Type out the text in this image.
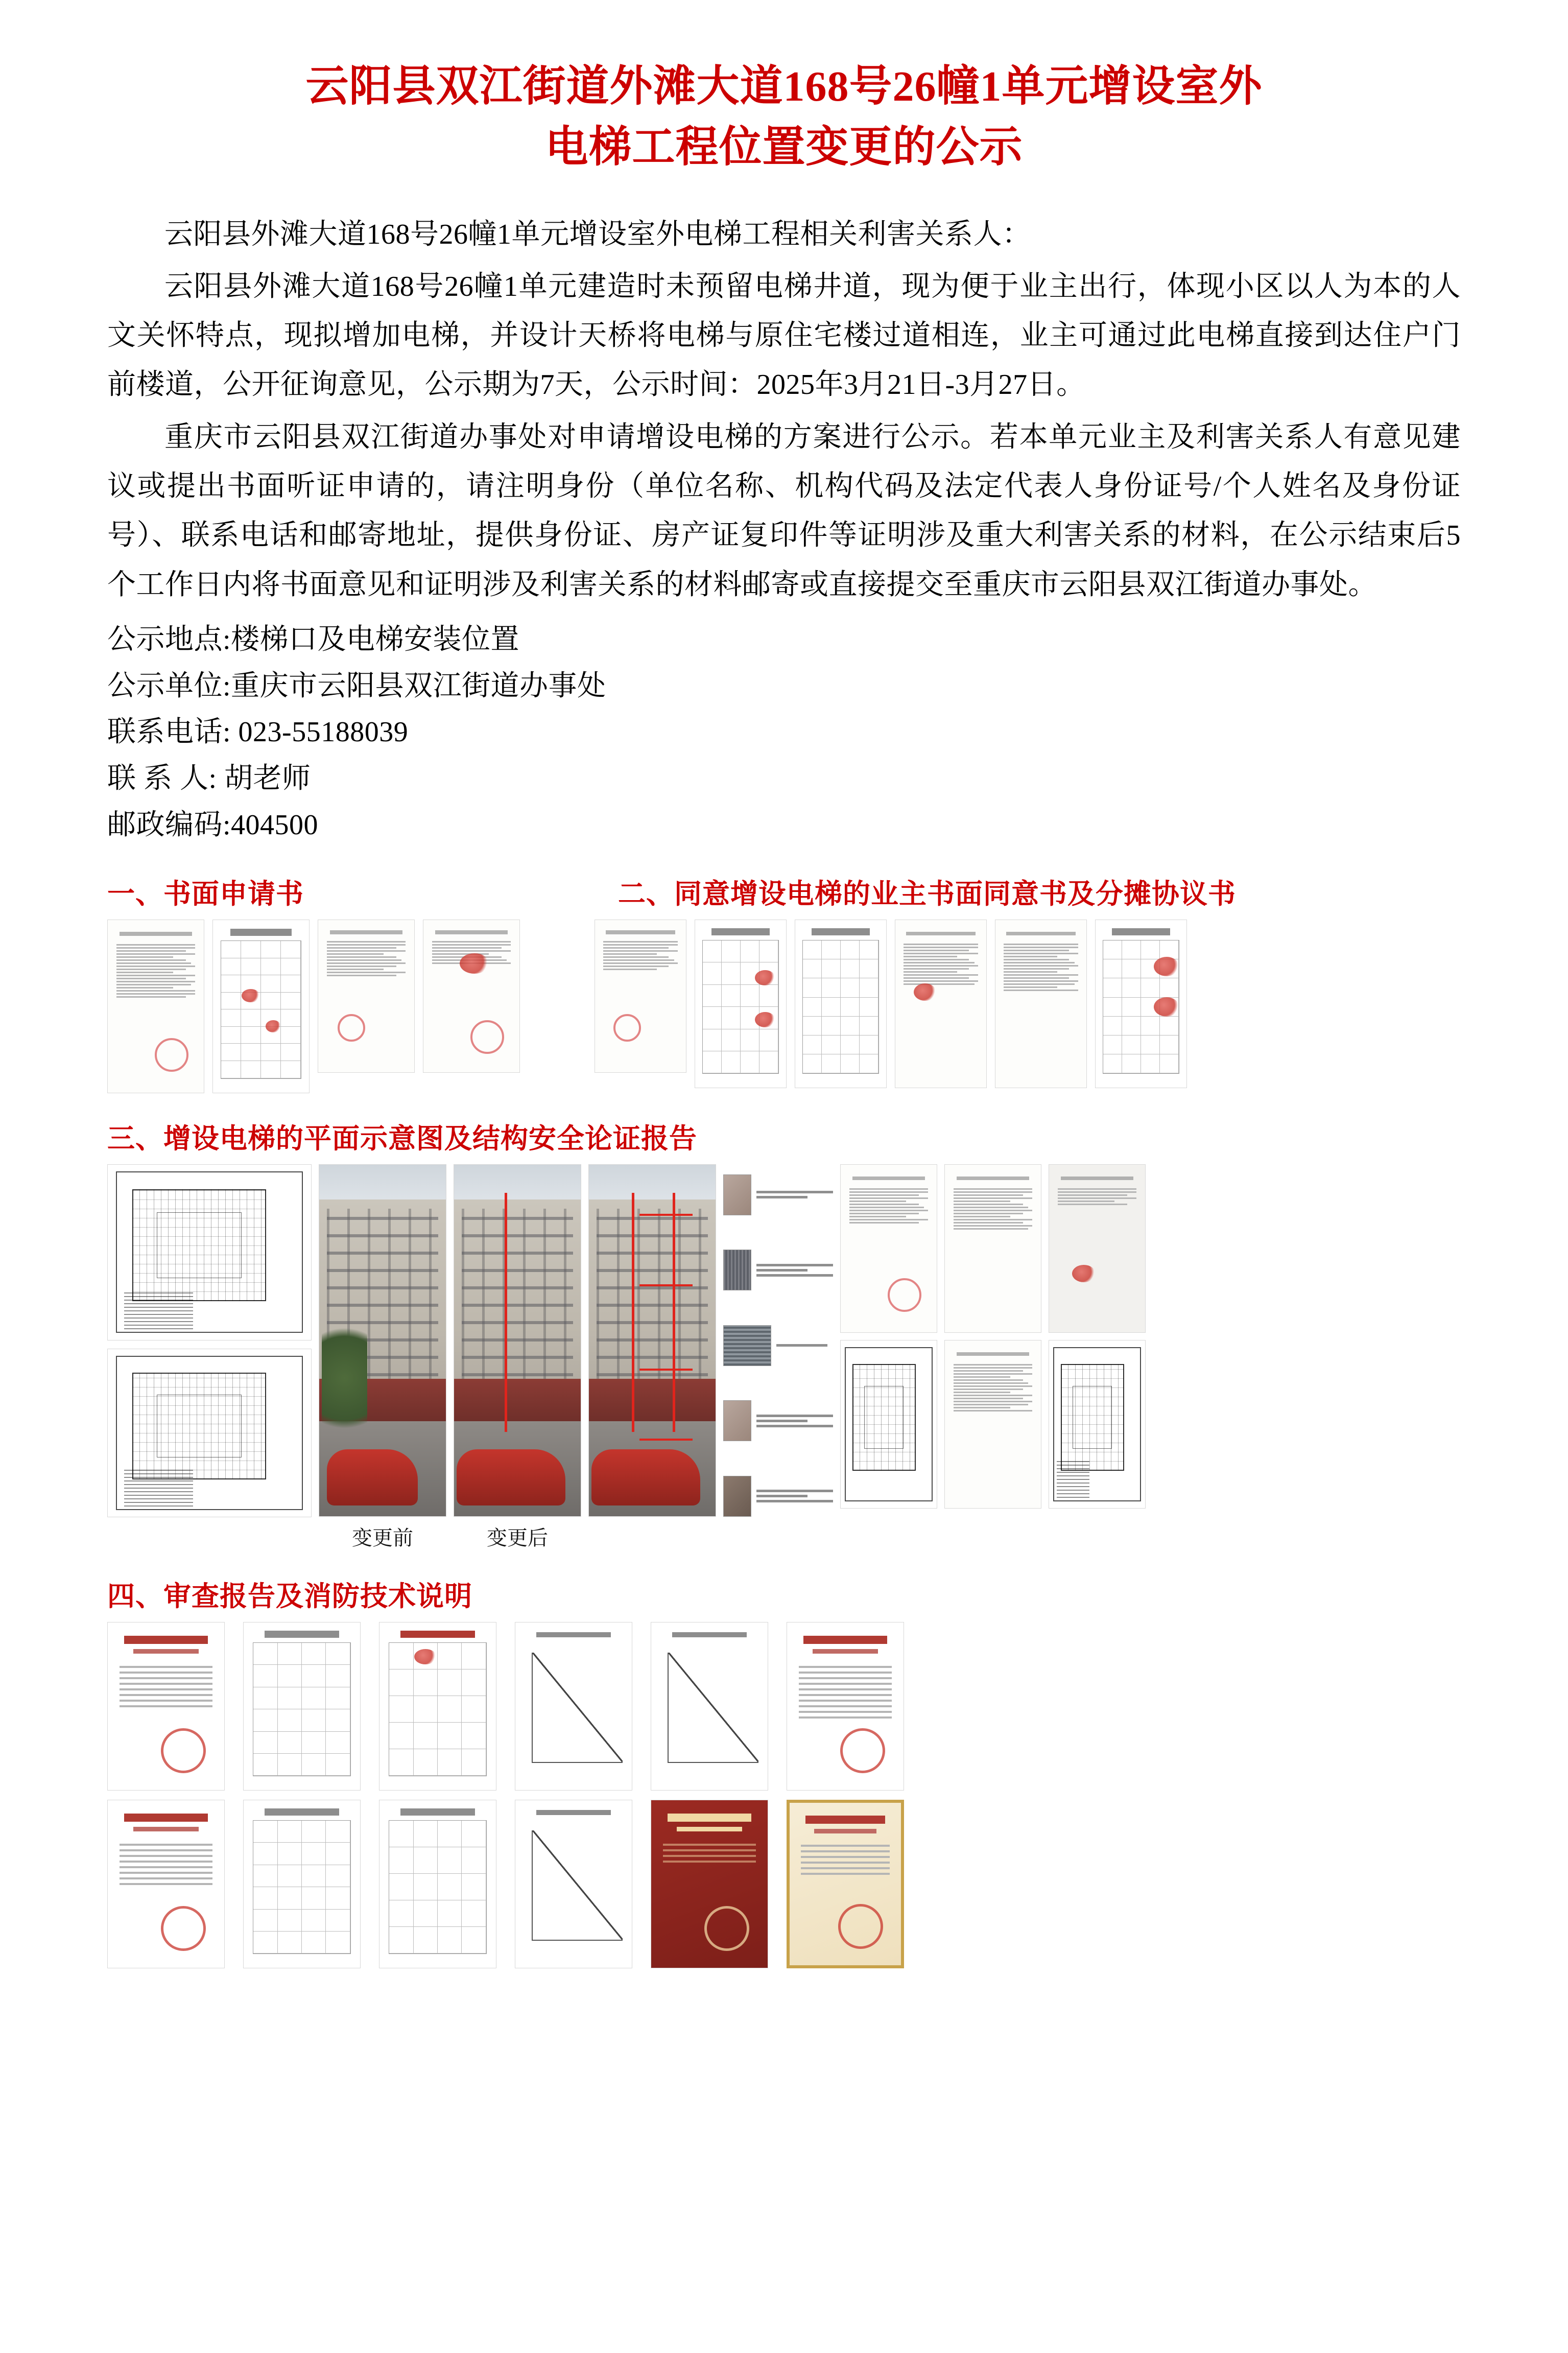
云阳县双江街道外滩大道168号26幢1单元增设室外
电梯工程位置变更的公示

云阳县外滩大道168号26幢1单元增设室外电梯工程相关利害关系人：

云阳县外滩大道168号26幢1单元建造时未预留电梯井道，现为便于业主出行，体现小区以人为本的人文关怀特点，现拟增加电梯，并设计天桥将电梯与原住宅楼过道相连，业主可通过此电梯直接到达住户门前楼道，公开征询意见，公示期为7天，公示时间：2025年3月21日-3月27日。

重庆市云阳县双江街道办事处对申请增设电梯的方案进行公示。若本单元业主及利害关系人有意见建议或提出书面听证申请的，请注明身份（单位名称、机构代码及法定代表人身份证号/个人姓名及身份证号）、联系电话和邮寄地址，提供身份证、房产证复印件等证明涉及重大利害关系的材料，在公示结束后5个工作日内将书面意见和证明涉及利害关系的材料邮寄或直接提交至重庆市云阳县双江街道办事处。

公示地点:楼梯口及电梯安装位置

公示单位:重庆市云阳县双江街道办事处

联系电话: 023-55188039

联 系 人: 胡老师

邮政编码:404500

一、书面申请书	二、同意增设电梯的业主书面同意书及分摊协议书
三、增设电梯的平面示意图及结构安全论证报告
变更前	变更后
四、审查报告及消防技术说明
